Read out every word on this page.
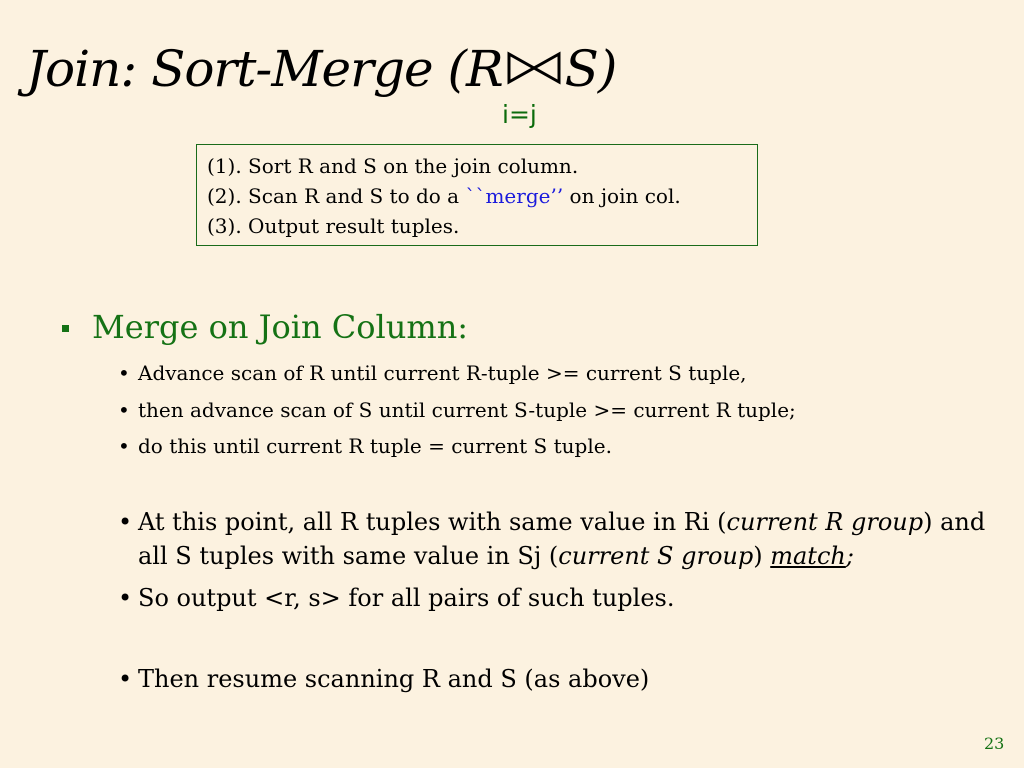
Join: Sort-Merge (R S)
i=j
(1). Sort R and S on the join column.
(2). Scan R and S to do a ``merge’’ on join col.
(3). Output result tuples.
Merge on Join Column:
• Advance scan of R until current R-tuple >= current S tuple,
• then advance scan of S until current S-tuple >= current R tuple;
• do this until current R tuple = current S tuple.
• At this point, all R tuples with same value in Ri (current R group) and
all S tuples with same value in Sj (current S group) match;
• So output <r, s> for all pairs of such tuples.
• Then resume scanning R and S (as above)
23
